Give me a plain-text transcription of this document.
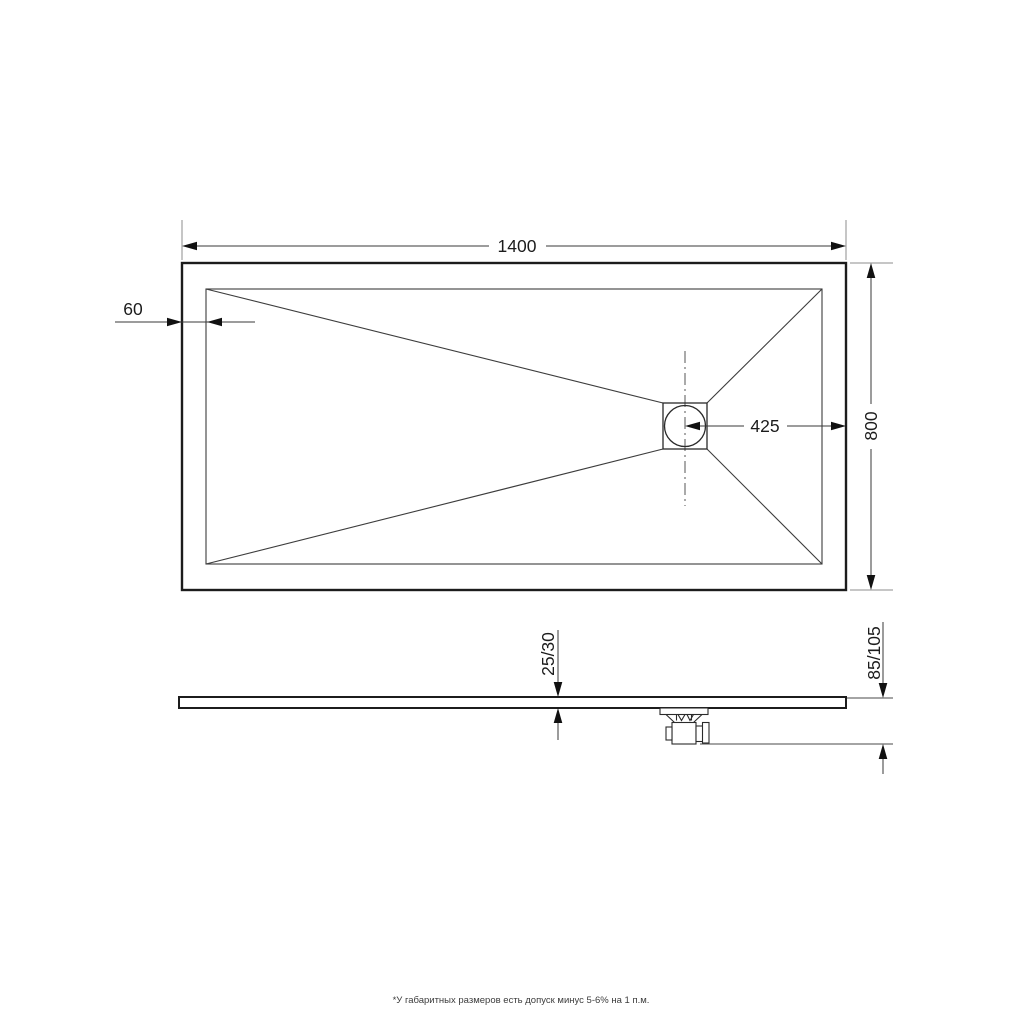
1400
800
425
60
25/30	85/105
*У габаритных размеров есть допуск минус 5-6% на 1 п.м.
